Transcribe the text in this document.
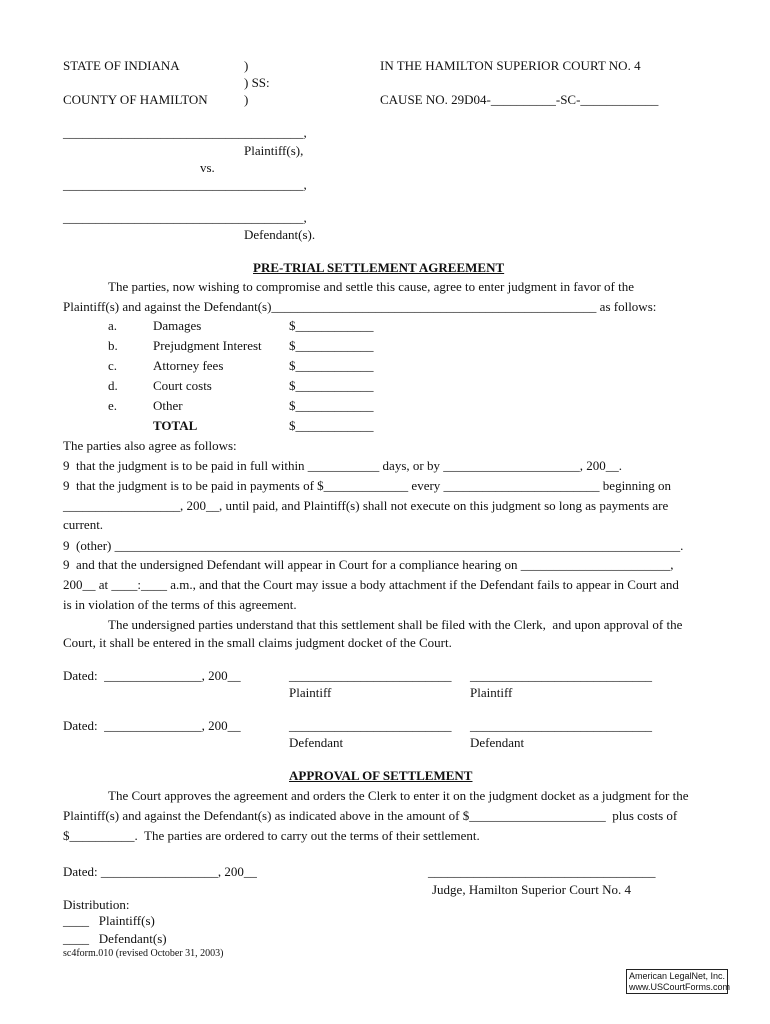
STATE OF INDIANA
COUNTY OF HAMILTON
)
) SS:
)
IN THE HAMILTON SUPERIOR COURT NO. 4
CAUSE NO. 29D04-__________-SC-____________
_____________________________________,
Plaintiff(s),
vs.
_____________________________________,
_____________________________________,
Defendant(s).
PRE-TRIAL SETTLEMENT AGREEMENT
The parties, now wishing to compromise and settle this cause, agree to enter judgment in favor of the
Plaintiff(s) and against the Defendant(s)__________________________________________________ as follows:
a.	Damages	$____________
b.	Prejudgment Interest $____________
c.	Attorney fees	$____________
d.	Court costs	$____________
e.	Other	$____________
TOTAL	$____________
The parties also agree as follows:
9  that the judgment is to be paid in full within ___________ days, or by _____________________, 200__.
9  that the judgment is to be paid in payments of $_____________ every ________________________ beginning on
__________________, 200__, until paid, and Plaintiff(s) shall not execute on this judgment so long as payments are
current.
9  (other) _______________________________________________________________________________________.
9  and that the undersigned Defendant will appear in Court for a compliance hearing on _______________________,
200__ at ____:____ a.m., and that the Court may issue a body attachment if the Defendant fails to appear in Court and
is in violation of the terms of this agreement.
The undersigned parties understand that this settlement shall be filed with the Clerk,  and upon approval of the
Court, it shall be entered in the small claims judgment docket of the Court.
Dated:  _______________, 200__	_________________________ ____________________________
Plaintiff	Plaintiff
Dated:  _______________, 200__	_________________________ ____________________________
Defendant	Defendant
APPROVAL OF SETTLEMENT
The Court approves the agreement and orders the Clerk to enter it on the judgment docket as a judgment for the
Plaintiff(s) and against the Defendant(s) as indicated above in the amount of $_____________________  plus costs of
$__________.  The parties are ordered to carry out the terms of their settlement.
Dated: __________________, 200__	___________________________________
Judge, Hamilton Superior Court No. 4
Distribution:
____   Plaintiff(s)
____   Defendant(s)
sc4form.010 (revised October 31, 2003)
American LegalNet, Inc.
www.USCourtForms.com
